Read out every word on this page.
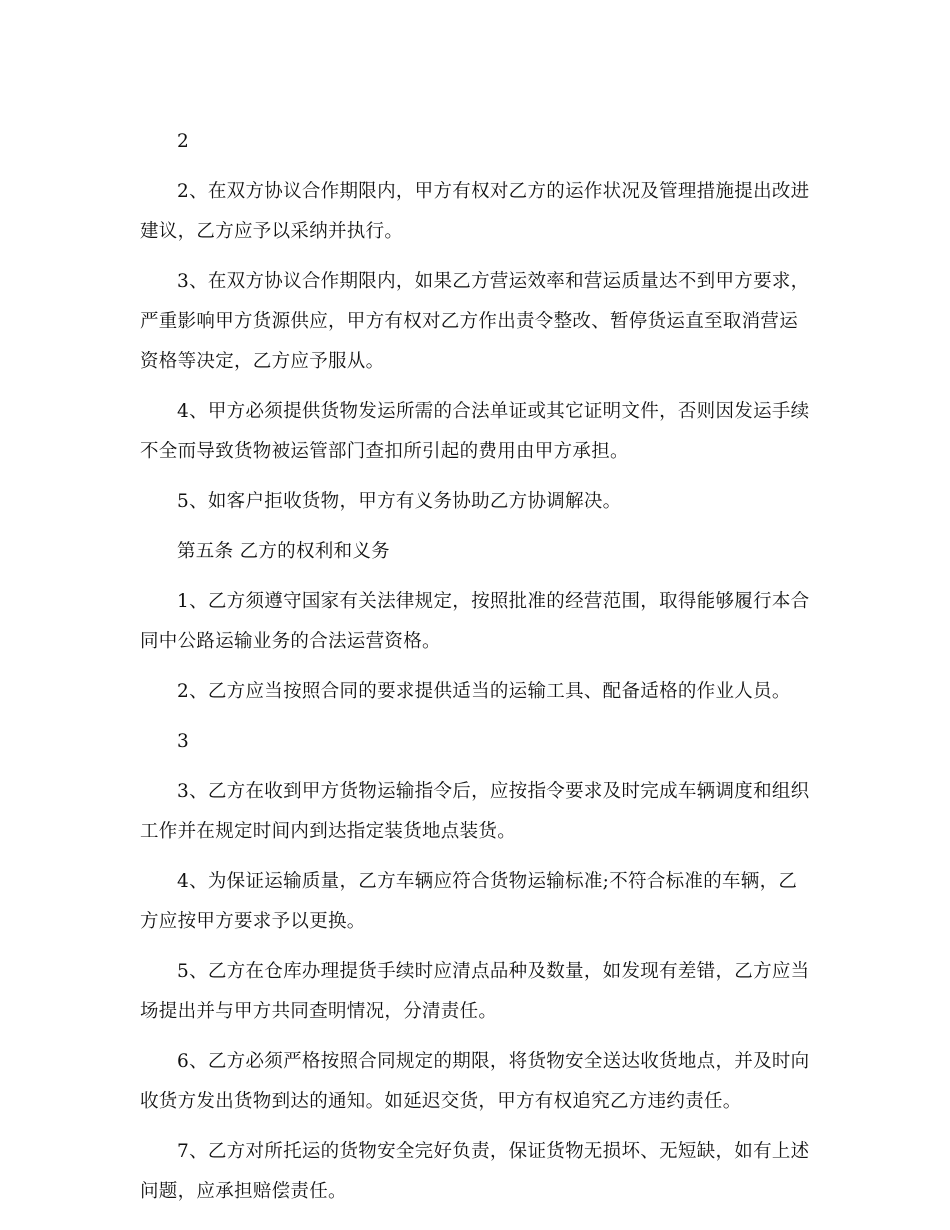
2

2、在双方协议合作期限内，甲方有权对乙方的运作状况及管理措施提出改进建议，乙方应予以采纳并执行。

3、在双方协议合作期限内，如果乙方营运效率和营运质量达不到甲方要求，严重影响甲方货源供应，甲方有权对乙方作出责令整改、暂停货运直至取消营运资格等决定，乙方应予服从。

4、甲方必须提供货物发运所需的合法单证或其它证明文件，否则因发运手续不全而导致货物被运管部门查扣所引起的费用由甲方承担。

5、如客户拒收货物，甲方有义务协助乙方协调解决。

第五条 乙方的权利和义务

1、乙方须遵守国家有关法律规定，按照批准的经营范围，取得能够履行本合同中公路运输业务的合法运营资格。

2、乙方应当按照合同的要求提供适当的运输工具、配备适格的作业人员。

3

3、乙方在收到甲方货物运输指令后，应按指令要求及时完成车辆调度和组织工作并在规定时间内到达指定装货地点装货。

4、为保证运输质量，乙方车辆应符合货物运输标准;不符合标准的车辆，乙方应按甲方要求予以更换。

5、乙方在仓库办理提货手续时应清点品种及数量，如发现有差错，乙方应当场提出并与甲方共同查明情况，分清责任。

6、乙方必须严格按照合同规定的期限，将货物安全送达收货地点，并及时向收货方发出货物到达的通知。如延迟交货，甲方有权追究乙方违约责任。

7、乙方对所托运的货物安全完好负责，保证货物无损坏、无短缺，如有上述问题，应承担赔偿责任。
